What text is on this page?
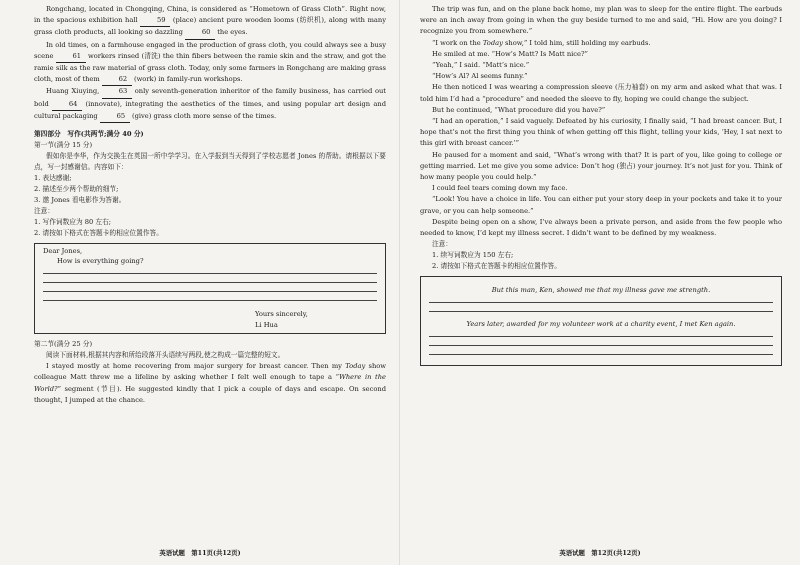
Rongchang, located in Chongqing, China, is considered as “Hometown of Grass Cloth”. Right now, in the spacious exhibition hall 59 (place) ancient pure wooden looms (纺织机), along with many grass cloth products, all looking so dazzling 60 the eyes.

In old times, on a farmhouse engaged in the production of grass cloth, you could always see a busy scene 61 workers rinsed (清洗) the thin fibers between the ramie skin and the straw, and got the ramie silk as the raw material of grass cloth. Today, only some farmers in Rongchang are making grass cloth, most of them 62 (work) in family-run workshops.

Huang Xiuying, 63 only seventh-generation inheritor of the family business, has carried out bold 64 (innovate), integrating the aesthetics of the times, and using popular art design and cultural packaging 65 (give) grass cloth more sense of the times.

第四部分　写作(共两节;满分 40 分)

第一节(满分 15 分)

假如你是李华，作为交换生在英国一所中学学习。在入学报到当天得到了学校志愿者 Jones 的帮助。请根据以下要点，写一封感谢信。内容如下：

1. 表达感谢;

2. 描述至少两个帮助的细节;

3. 邀 Jones 看电影作为答谢。

注意：

1. 写作词数应为 80 左右;

2. 请按如下格式在答题卡的相应位置作答。

Dear Jones,
How is everything going?
Yours sincerely,
Li Hua

第二节(满分 25 分)

阅读下面材料,根据其内容和所给段落开头语续写两段,使之构成一篇完整的短文。

I stayed mostly at home recovering from major surgery for breast cancer. Then my Today show colleague Matt threw me a lifeline by asking whether I felt well enough to tape a “Where in the World?” segment (节目). He suggested kindly that I pick a couple of days and escape. On second thought, I jumped at the chance.

英语试题　第11页(共12页)

The trip was fun, and on the plane back home, my plan was to sleep for the entire flight. The earbuds were an inch away from going in when the guy beside turned to me and said, “Hi. How are you doing? I recognize you from somewhere.”

“I work on the Today show,” I told him, still holding my earbuds.

He smiled at me. “How’s Matt? Is Matt nice?”

“Yeah,” I said. “Matt’s nice.”

“How’s Al? Al seems funny.”

He then noticed I was wearing a compression sleeve (压力袖套) on my arm and asked what that was. I told him I’d had a “procedure” and needed the sleeve to fly, hoping we could change the subject.

But he continued, “What procedure did you have?”

“I had an operation,” I said vaguely. Defeated by his curiosity, I finally said, “I had breast cancer. But, I hope that’s not the first thing you think of when getting off this flight, telling your kids, ‘Hey, I sat next to this girl with breast cancer.’”

He paused for a moment and said, “What’s wrong with that? It is part of you, like going to college or getting married. Let me give you some advice: Don’t hog (独占) your journey. It’s not just for you. Think of how many people you could help.”

I could feel tears coming down my face.

“Look! You have a choice in life. You can either put your story deep in your pockets and take it to your grave, or you can help someone.”

Despite being open on a show, I’ve always been a private person, and aside from the few people who needed to know, I’d kept my illness secret. I didn’t want to be defined by my weakness.

注意：

1. 续写词数应为 150 左右;

2. 请按如下格式在答题卡的相应位置作答。

But this man, Ken, showed me that my illness gave me strength.
Years later, awarded for my volunteer work at a charity event, I met Ken again.
英语试题　第12页(共12页)
